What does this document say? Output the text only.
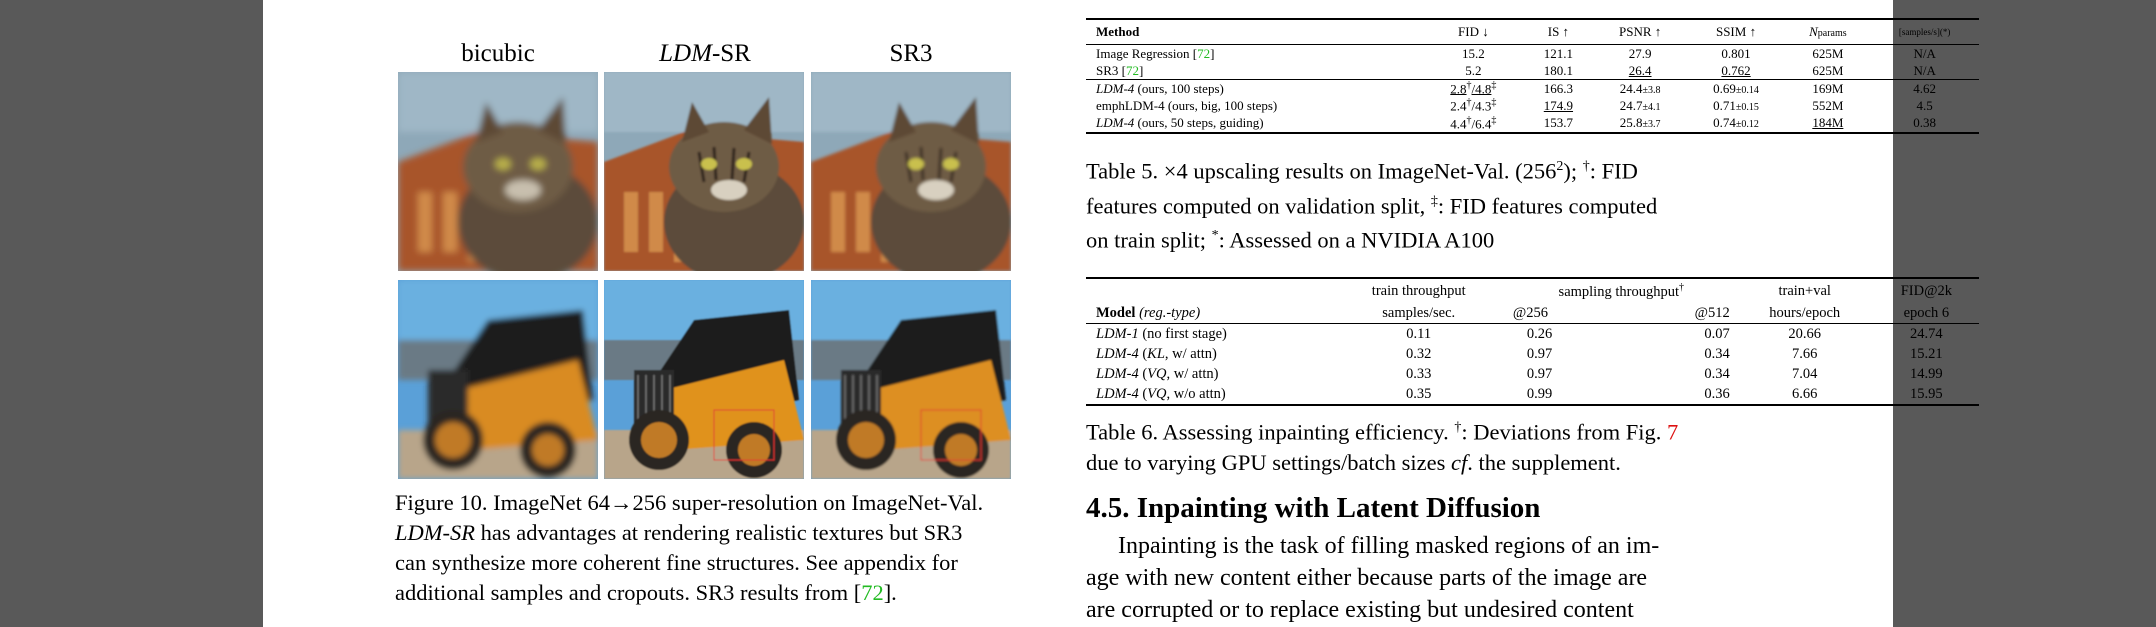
bicubic	LDM-SR	SR3
Figure 10. ImageNet 64→256 super-resolution on ImageNet-Val.
LDM-SR has advantages at rendering realistic textures but SR3
can synthesize more coherent fine structures. See appendix for
additional samples and cropouts. SR3 results from [72].
Method	FID ↓	IS ↑	PSNR ↑	SSIM ↑	Nparams	[samples/s](*)
Image Regression [72]	15.2	121.1	27.9	0.801	625M	N/A
SR3 [72]	5.2	180.1	26.4	0.762	625M	N/A
LDM-4 (ours, 100 steps)	2.8†/4.8‡	166.3	24.4±3.8	0.69±0.14	169M	4.62
emphLDM-4 (ours, big, 100 steps)	2.4†/4.3‡	174.9	24.7±4.1	0.71±0.15	552M	4.5
LDM-4 (ours, 50 steps, guiding)	4.4†/6.4‡	153.7	25.8±3.7	0.74±0.12	184M	0.38
Table 5. ×4 upscaling results on ImageNet-Val. $(256^2)$; †: FID
features computed on validation split, ‡: FID features computed
on train split; *: Assessed on a NVIDIA A100
	train throughput	sampling throughput†		train+val	FID@2k
Model (reg.-type)	samples/sec.	@256	@512	hours/epoch	epoch 6
LDM-1 (no first stage)	0.11	0.26	0.07	20.66	24.74
LDM-4 (KL, w/ attn)	0.32	0.97	0.34	7.66	15.21
LDM-4 (VQ, w/ attn)	0.33	0.97	0.34	7.04	14.99
LDM-4 (VQ, w/o attn)	0.35	0.99	0.36	6.66	15.95
Table 6. Assessing inpainting efficiency. †: Deviations from Fig. 7
due to varying GPU settings/batch sizes cf. the supplement.
4.5. Inpainting with Latent Diffusion
Inpainting is the task of filling masked regions of an im-
age with new content either because parts of the image are
are corrupted or to replace existing but undesired content
